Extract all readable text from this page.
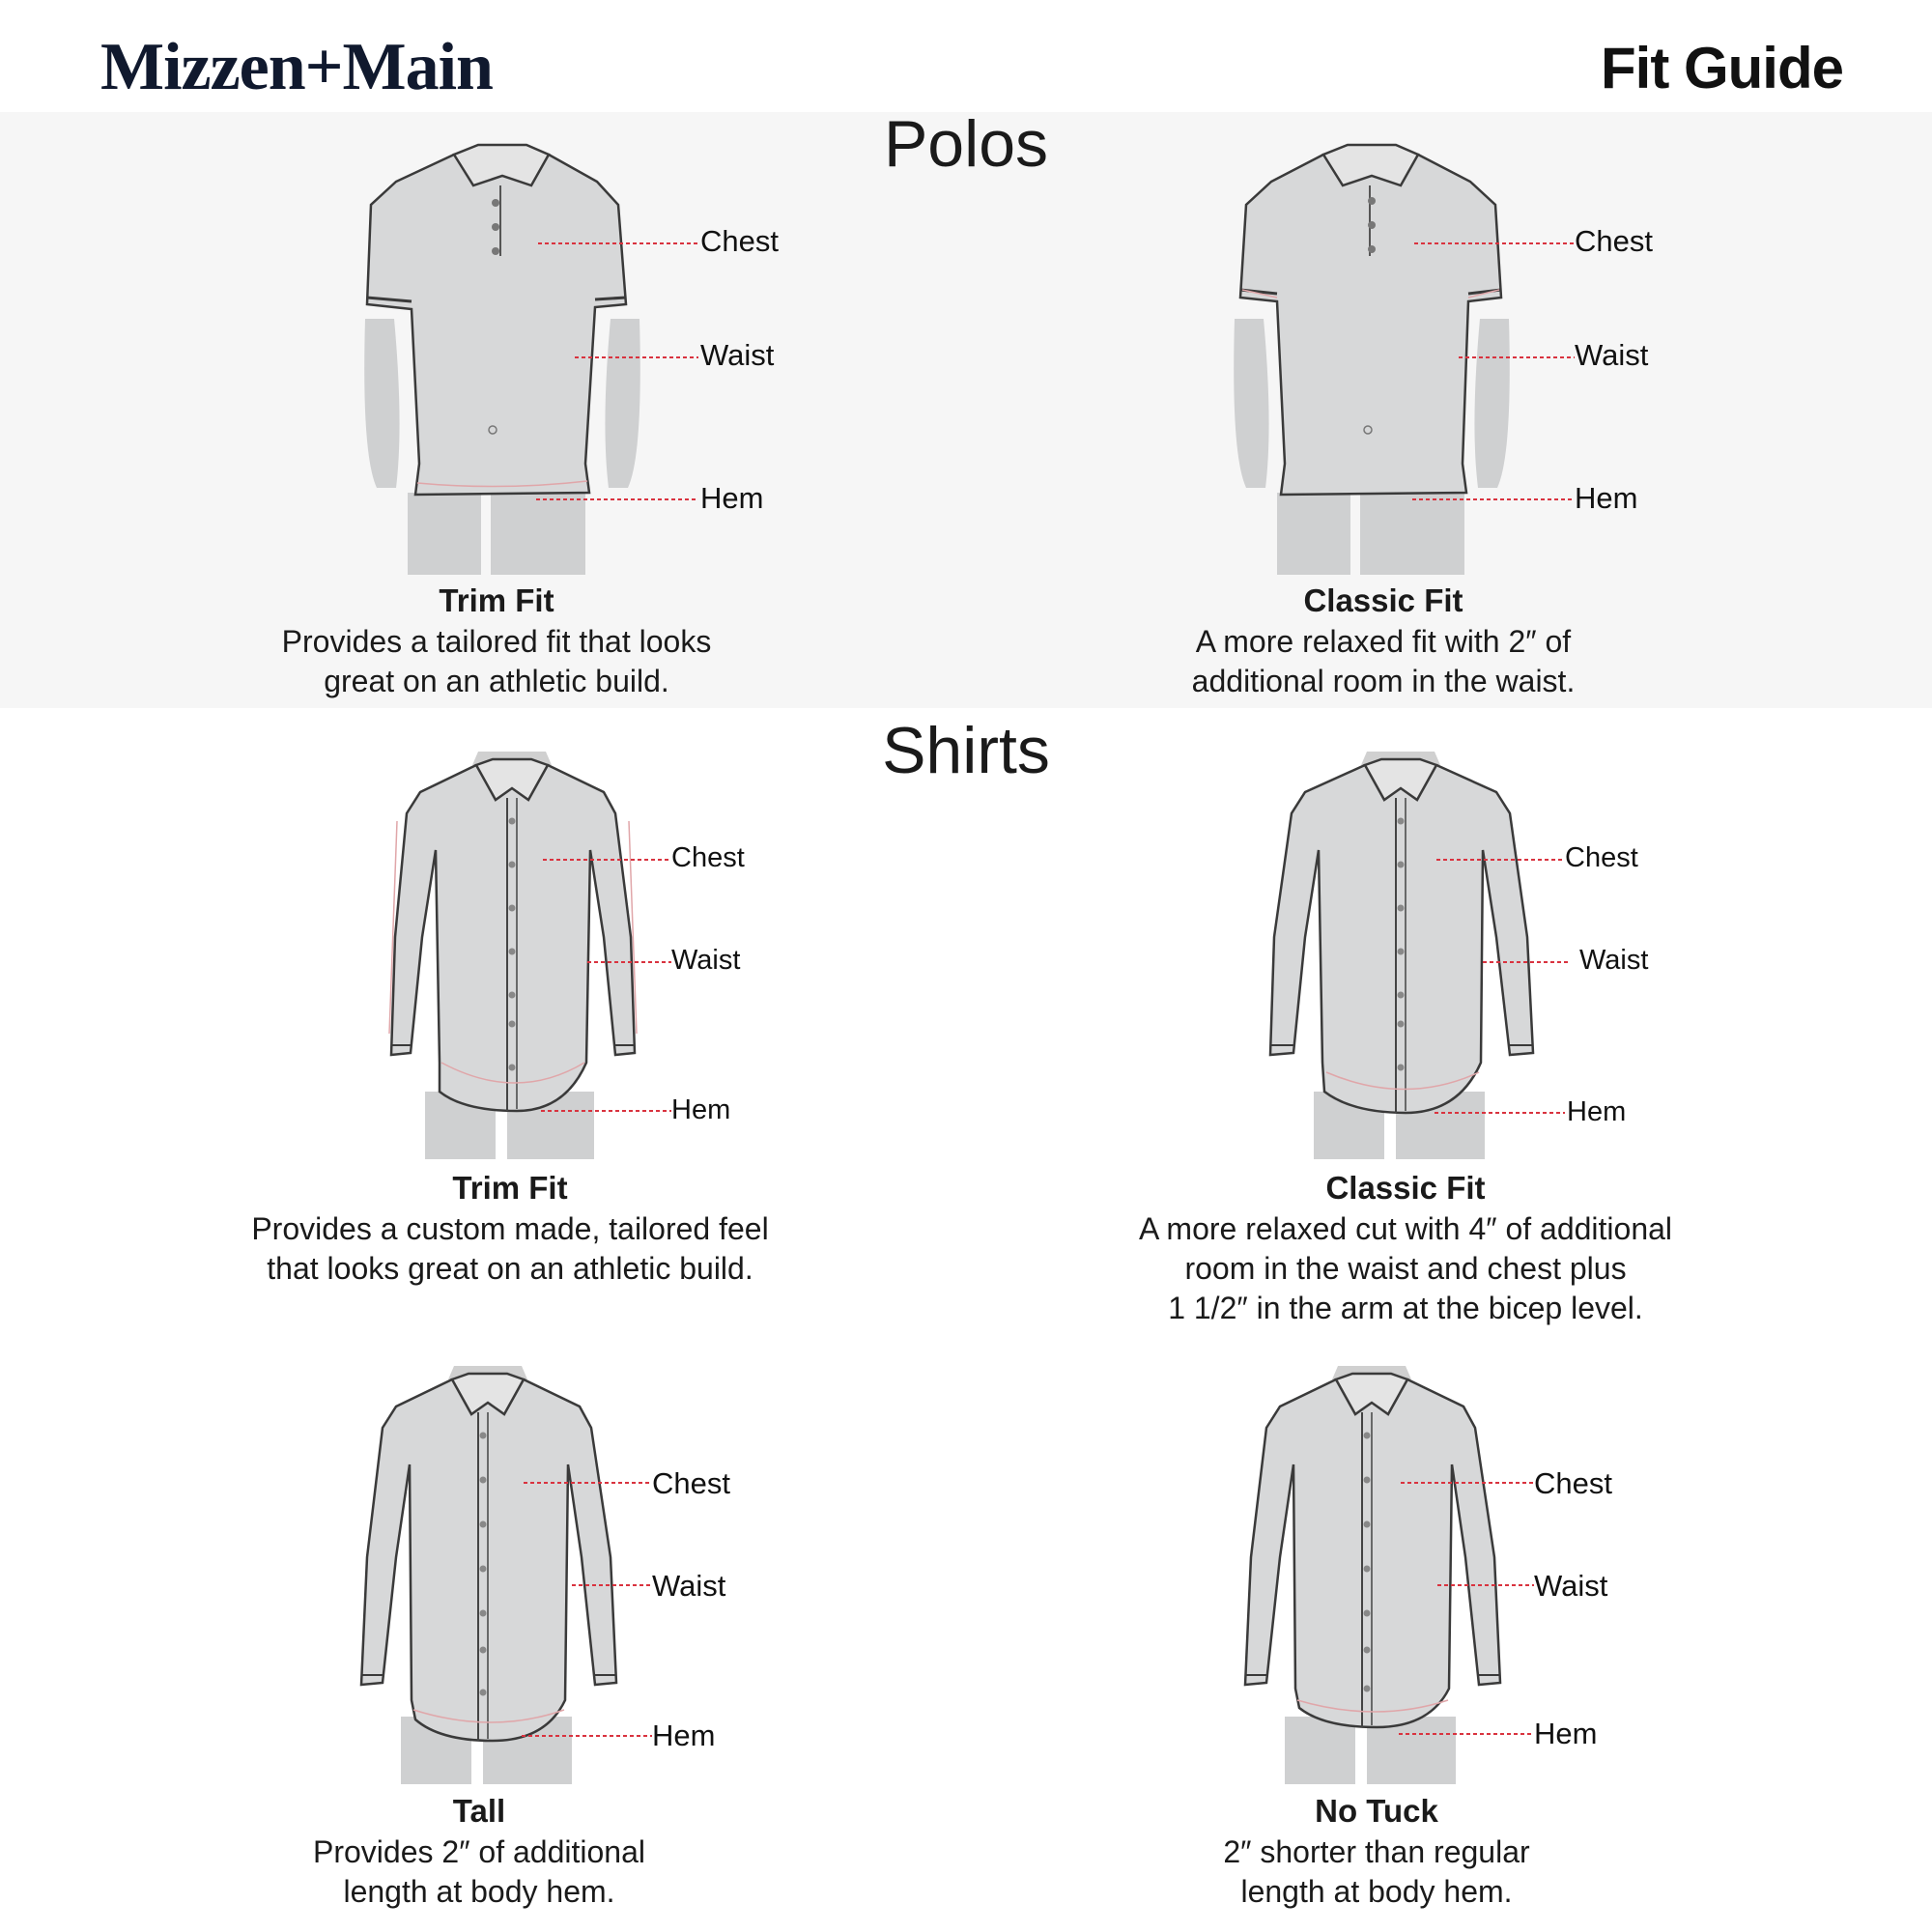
Mizzen+Main	Fit Guide
Polos
Shirts
Chest
Waist
Hem
Trim Fit
Provides a tailored fit that looks
great on an athletic build.
Chest
Waist
Hem
Classic Fit
A more relaxed fit with 2″ of
additional room in the waist.
Chest
Waist
Hem
Trim Fit
Provides a custom made, tailored feel
that looks great on an athletic build.
Chest
Waist
Hem
Classic Fit
A more relaxed cut with 4″ of additional
room in the waist and chest plus
1 1/2″ in the arm at the bicep level.
Chest
Waist
Hem
Tall
Provides 2″ of additional
length at body hem.
Chest
Waist
Hem
No Tuck
2″ shorter than regular
length at body hem.
